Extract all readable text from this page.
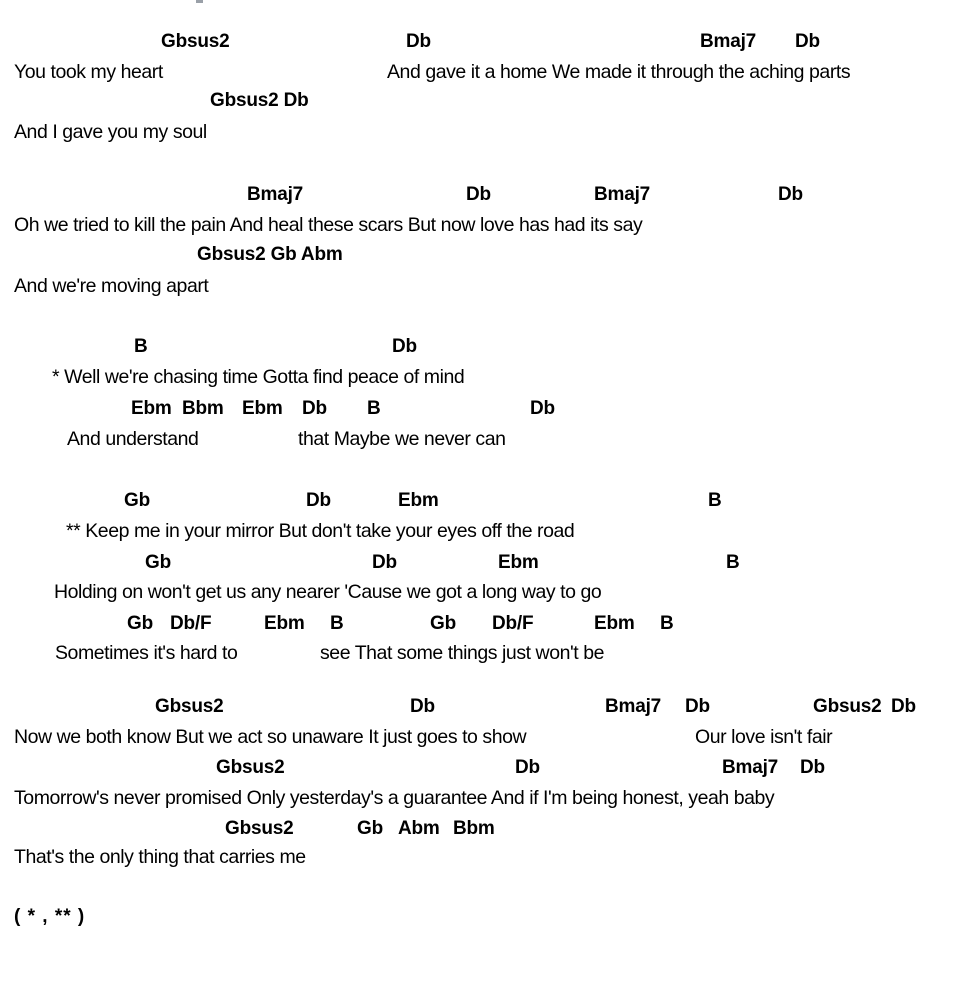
Gbsus2	Db	Bmaj7 Db
You took my heart	And gave it a home We made it through the aching parts
Gbsus2 Db
And I gave you my soul
Bmaj7	Db	Bmaj7	Db
Oh we tried to kill the pain And heal these scars But now love has had its say
Gbsus2 Gb Abm
And we're moving apart
B	Db
* Well we're chasing time Gotta find peace of mind
Ebm Bbm Ebm Db B	Db
And understand	that Maybe we never can
Gb	Db	Ebm	B
** Keep me in your mirror But don't take your eyes off the road
Gb	Db	Ebm	B
Holding on won't get us any nearer 'Cause we got a long way to go
Gb Db/F	Ebm B	Gb Db/F	Ebm B
Sometimes it's hard to	see That some things just won't be
Gbsus2	Db	Bmaj7 Db	Gbsus2 Db
Now we both know But we act so unaware It just goes to show	Our love isn't fair
Gbsus2	Db	Bmaj7 Db
Tomorrow's never promised Only yesterday's a guarantee And if I'm being honest, yeah baby
Gbsus2	Gb Abm Bbm
That's the only thing that carries me
( * , ** )
